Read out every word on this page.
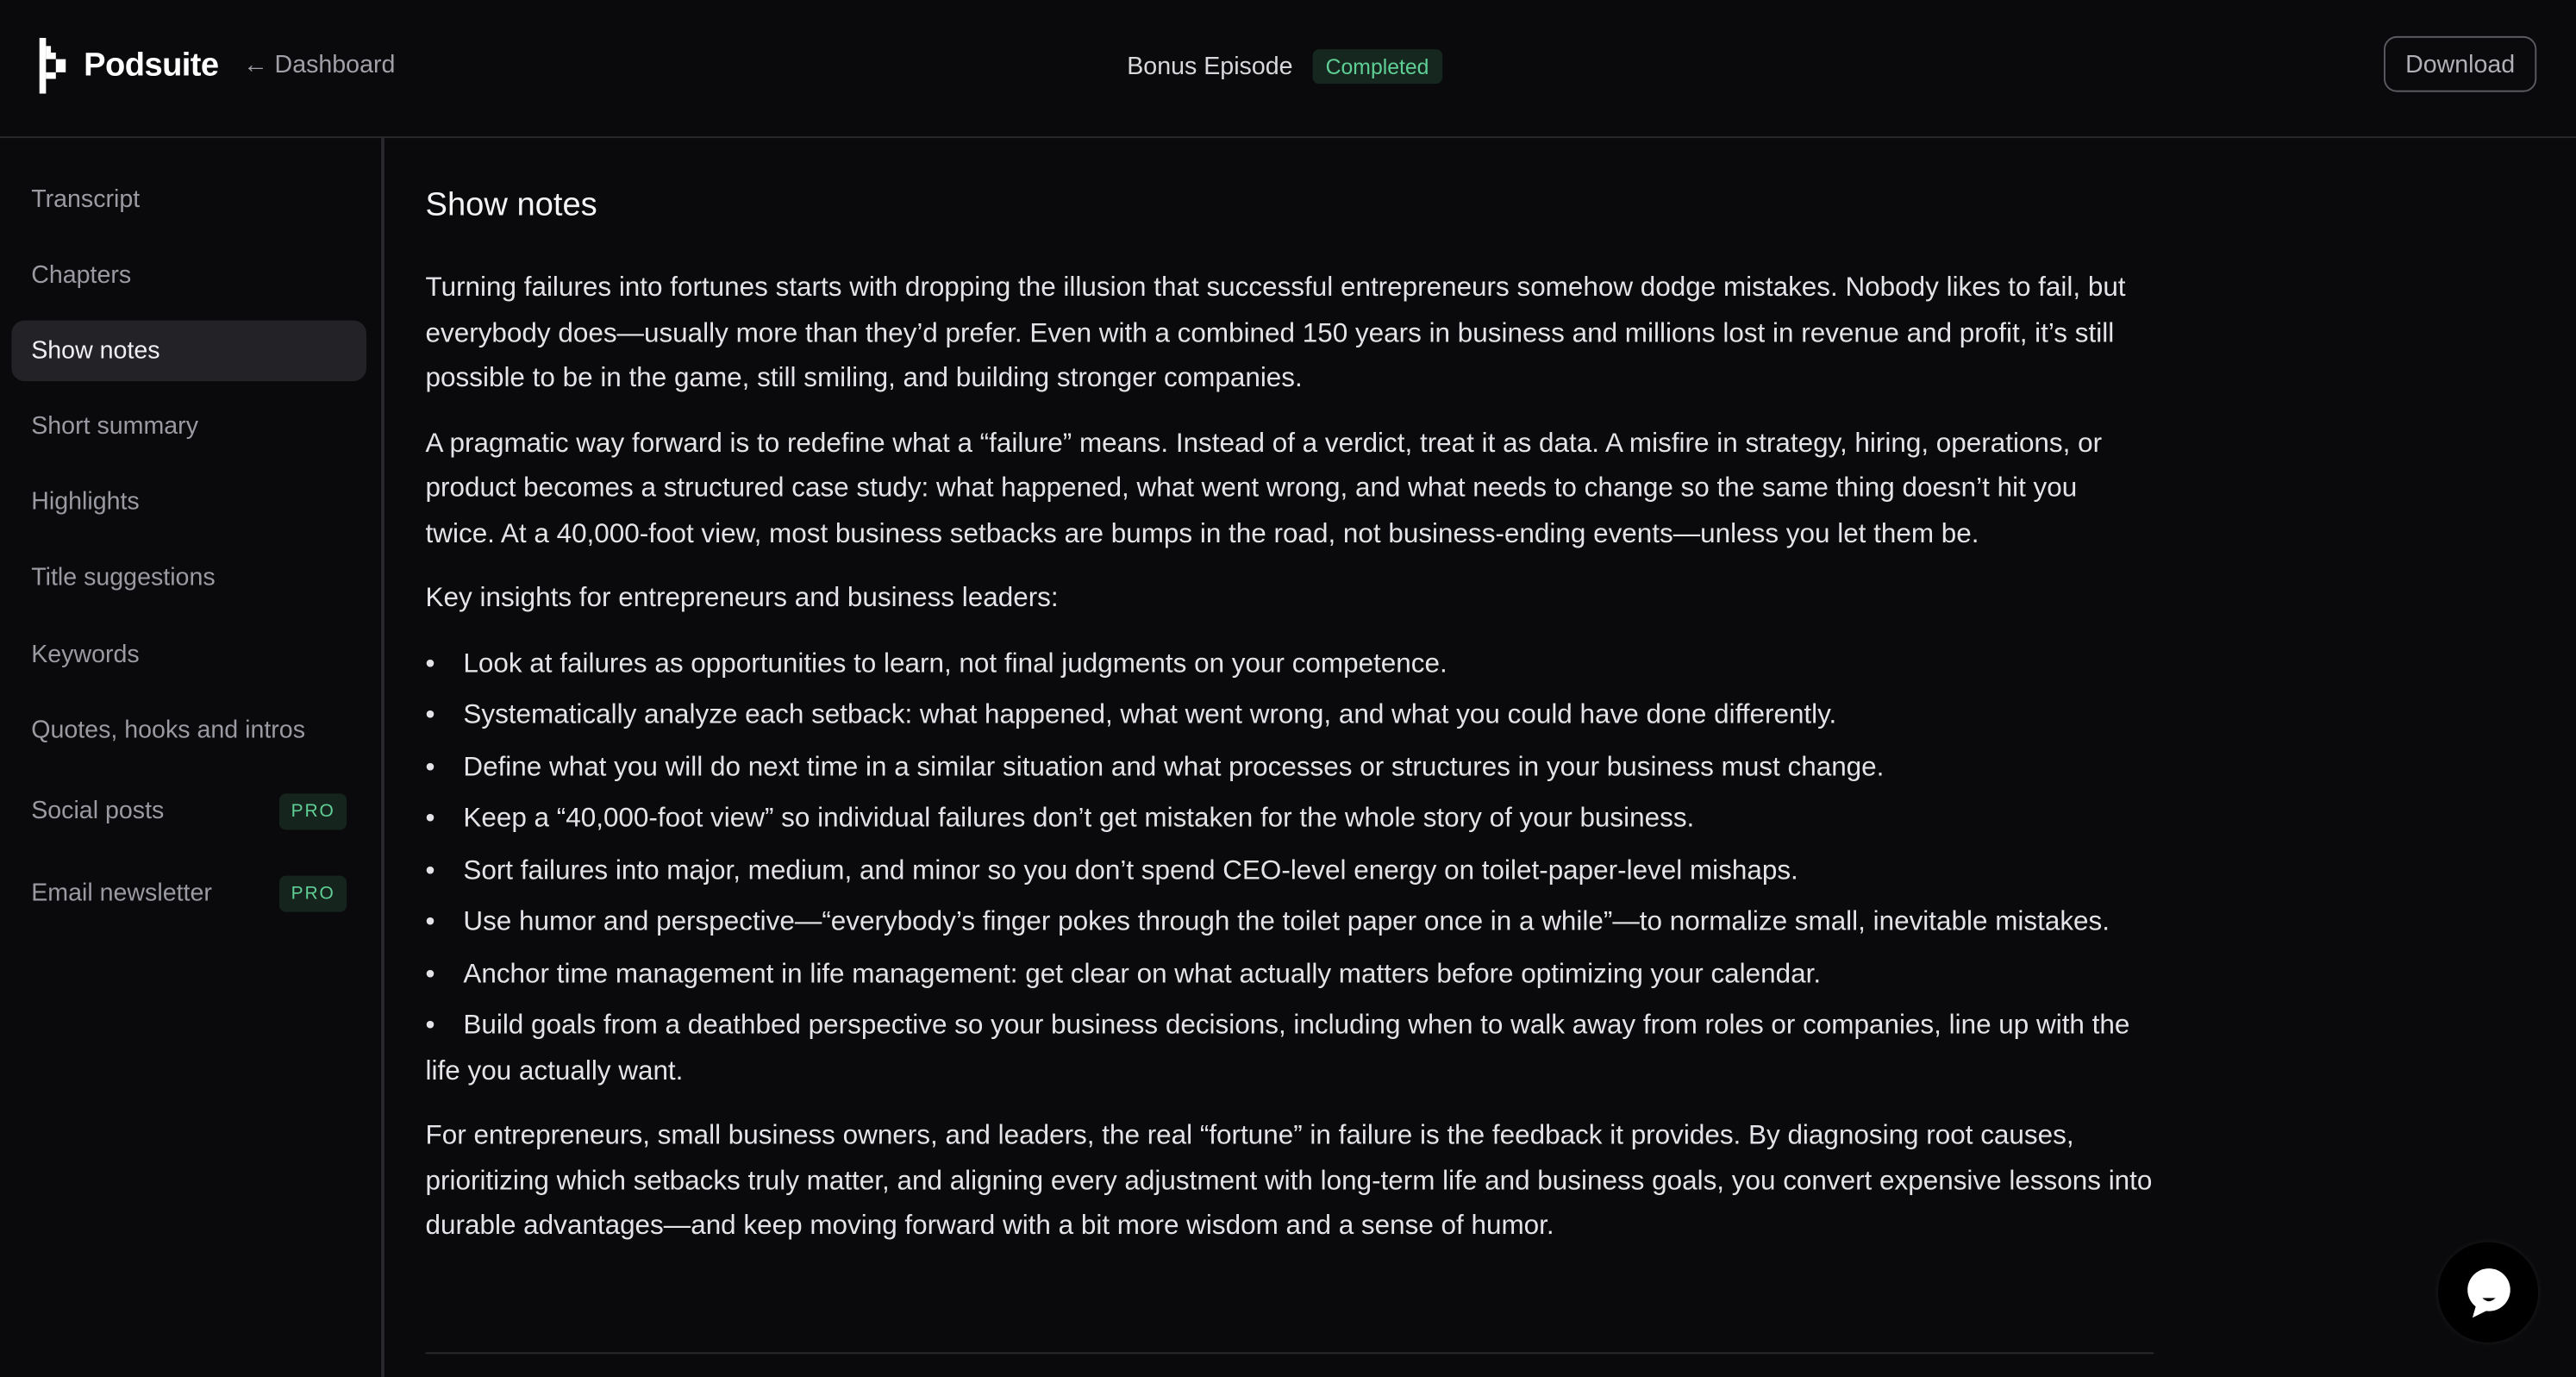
Podsuite ← Dashboard	Bonus Episode	Completed	Download
Transcript
Chapters
Show notes
Short summary
Highlights
Title suggestions
Keywords
Quotes, hooks and intros
Social posts	PRO
Email newsletter	PRO
Show notes

Turning failures into fortunes starts with dropping the illusion that successful entrepreneurs somehow dodge mistakes. Nobody likes to fail, but everybody does—usually more than they’d prefer. Even with a combined 150 years in business and millions lost in revenue and profit, it’s still possible to be in the game, still smiling, and building stronger companies.

A pragmatic way forward is to redefine what a “failure” means. Instead of a verdict, treat it as data. A misfire in strategy, hiring, operations, or product becomes a structured case study: what happened, what went wrong, and what needs to change so the same thing doesn’t hit you twice. At a 40,000-foot view, most business setbacks are bumps in the road, not business-ending events—unless you let them be.

Key insights for entrepreneurs and business leaders:

•Look at failures as opportunities to learn, not final judgments on your competence.
•Systematically analyze each setback: what happened, what went wrong, and what you could have done differently.
•Define what you will do next time in a similar situation and what processes or structures in your business must change.
•Keep a “40,000-foot view” so individual failures don’t get mistaken for the whole story of your business.
•Sort failures into major, medium, and minor so you don’t spend CEO-level energy on toilet-paper-level mishaps.
•Use humor and perspective—“everybody’s finger pokes through the toilet paper once in a while”—to normalize small, inevitable mistakes.
•Anchor time management in life management: get clear on what actually matters before optimizing your calendar.
•Build goals from a deathbed perspective so your business decisions, including when to walk away from roles or companies, line up with the life you actually want.

For entrepreneurs, small business owners, and leaders, the real “fortune” in failure is the feedback it provides. By diagnosing root causes, prioritizing which setbacks truly matter, and aligning every adjustment with long-term life and business goals, you convert expensive lessons into durable advantages—and keep moving forward with a bit more wisdom and a sense of humor.
